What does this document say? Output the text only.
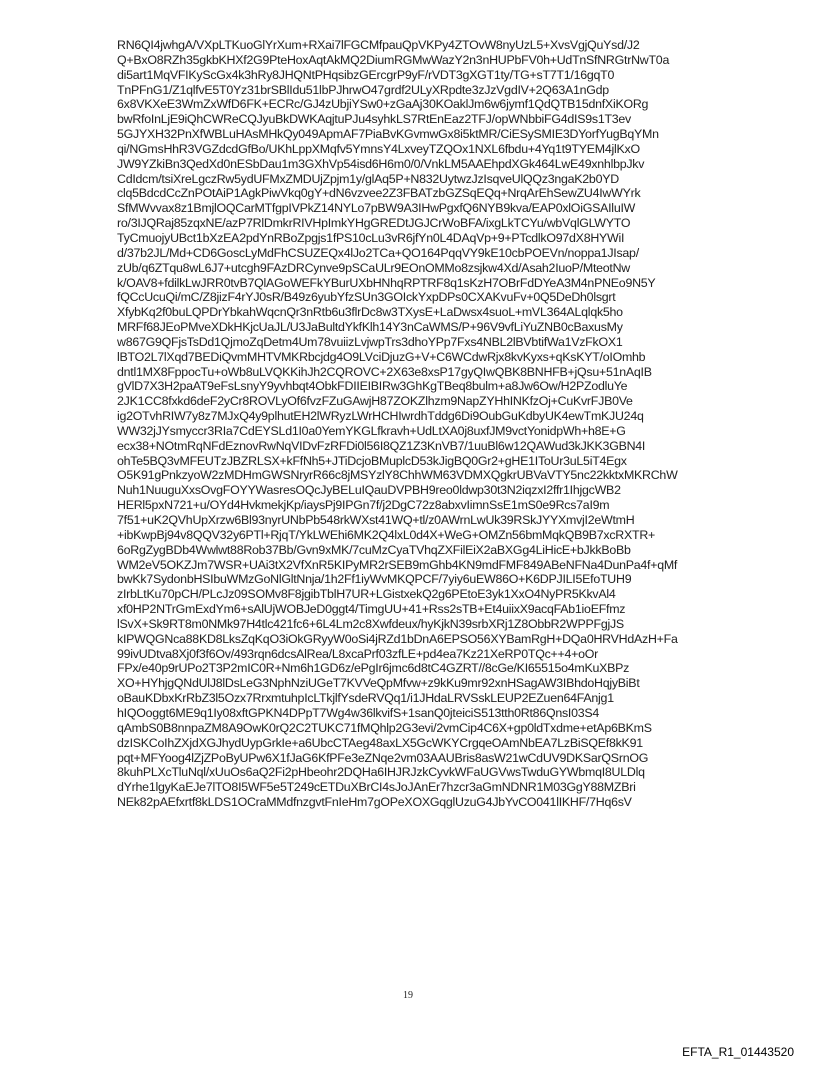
RN6QI4jwhgA/VXpLTKuoGlYrXum+RXai7lFGCMfpauQpVKPy4ZTOvW8nyUzL5+XvsVgjQuYsd/J2
Q+BxO8RZh35gkbKHXf2G9PteHoxAqtAkMQ2DiumRGMwWazY2n3nHUPbFV0h+UdTnSfNRGtrNwT0a
di5art1MqVFIKyScGx4k3hRy8JHQNtPHqsibzGErcgrP9yF/rVDT3gXGT1ty/TG+sT7T1/16gqT0
TnPFnG1/Z1qlfvE5T0Yz31brSBlIdu51lbPJhrwO47grdf2ULyXRpdte3zJzVgdIV+2Q63A1nGdp
6x8VKXeE3WmZxWfD6FK+ECRc/GJ4zUbjiYSw0+zGaAj30KOaklJm6w6jymf1QdQTB15dnfXiKORg
bwRfoInLjE9iQhCWReCQJyuBkDWKAqjtuPJu4syhkLS7RtEnEaz2TFJ/opWNbbiFG4dIS9s1T3ev
5GJYXH32PnXfWBLuHAsMHkQy049ApmAF7PiaBvKGvmwGx8i5ktMR/CiESySMIE3DYorfYugBqYMn
qi/NGmsHhR3VGZdcdGfBo/UKhLppXMqfv5YmnsY4LxveyTZQOx1NXL6fbdu+4Yq1t9TYEM4jlKxO
JW9YZkiBn3QedXd0nESbDau1m3GXhVp54isd6H6m0/0/VnkLM5AAEhpdXGk464LwE49xnhlbpJkv
CdIdcm/tsiXreLgczRw5ydUFMxZMDUjZpjm1y/glAq5P+N832UytwzJzIsqveUlQQz3ngaK2b0YD
clq5BdcdCcZnPOtAiP1AgkPiwVkq0gY+dN6vzvee2Z3FBATzbGZSqEQq+NrqArEhSewZU4IwWYrk
SfMWvvax8z1BmjlOQCarMTfgpIVPkZ14NYLo7pBW9A3IHwPgxfQ6NYB9kva/EAP0xlOiGSAIluIW
ro/3IJQRaj85zqxNE/azP7RlDmkrRIVHpImkYHgGREDtJGJCrWoBFA/ixgLkTCYu/wbVqlGLWYTO
TyCmuojyUBct1bXzEA2pdYnRBoZpgjs1fPS10cLu3vR6jfYn0L4DAqVp+9+PTcdlkO97dX8HYWiI
d/37b2JL/Md+CD6GoscLyMdFhCSUZEQx4lJo2TCa+QO164PqqVY9kE10cbPOEVn/noppa1JIsap/
zUb/q6ZTqu8wL6J7+utcgh9FAzDRCynve9pSCaULr9EOnOMMo8zsjkw4Xd/Asah2IuoP/MteotNw
k/OAV8+fdilkLwJRR0tvB7QlAGoWEFkYBurUXbHNhqRPTRF8q1sKzH7OBrFdDYeA3M4nPNEo9N5Y
fQCcUcuQi/mC/Z8jizF4rYJ0sR/B49z6yubYfzSUn3GOIckYxpDPs0CXAKvuFv+0Q5DeDh0lsgrt
XfybKq2f0buLQPDrYbkahWqcnQr3nRtb6u3flrDc8w3TXysE+LaDwsx4suoL+mVL364ALqlqk5ho
MRFf68JEoPMveXDkHKjcUaJL/U3JaBultdYkfKlh14Y3nCaWMS/P+96V9vfLiYuZNB0cBaxusMy
w867G9QFjsTsDd1QjmoZqDetm4Um78vuiizLvjwpTrs3dhoYPp7Fxs4NBL2lBVbtifWa1VzFkOX1
lBTO2L7lXqd7BEDiQvmMHTVMKRbcjdg4O9LVciDjuzG+V+C6WCdwRjx8kvKyxs+qKsKYT/oIOmhb
dntl1MX8FppocTu+oWb8uLVQKKihJh2CQROVC+2X63e8xsP17gyQIwQBK8BNHFB+jQsu+51nAqIB
gVlD7X3H2paAT9eFsLsnyY9yvhbqt4ObkFDIIEIBIRw3GhKgTBeq8bulm+a8Jw6Ow/H2PZodluYe
2JK1CC8fxkd6deF2yCr8ROVLyOf6fvzFZuGAwjH87ZOKZlhzm9NapZYHhINKfzOj+CuKvrFJB0Ve
ig2OTvhRIW7y8z7MJxQ4y9plhutEH2lWRyzLWrHCHIwrdhTddg6Di9OubGuKdbyUK4ewTmKJU24q
WW32jJYsmyccr3RIa7CdEYSLd1I0a0YemYKGLfkravh+UdLtXA0j8uxfJM9vctYonidpWh+h8E+G
ecx38+NOtmRqNFdEznovRwNqVIDvFzRFDi0l56I8QZ1Z3KnVB7/1uuBl6w12QAWud3kJKK3GBN4I
ohTe5BQ3vMFEUTzJBZRLSX+kFfNh5+JTiDcjoBMuplcD53kJigBQ0Gr2+gHE1IToUr3uL5iT4Egx
O5K91gPnkzyoW2zMDHmGWSNryrR66c8jMSYzlY8ChhWM63VDMXQgkrUBVaVTY5nc22kktxMKRChW
Nuh1NuuguXxsOvgFOYYWasresOQcJyBELuIQauDVPBH9reo0ldwp30t3N2iqzxI2ffr1IhjgcWB2
HERl5pxN721+u/OYd4HvkmekjKp/iaysPj9IPGn7f/j2DgC72z8abxvIimnSsE1mS0e9Rcs7aI9m
7f51+uK2QVhUpXrzw6Bl93nyrUNbPb548rkWXst41WQ+tl/z0AWrnLwUk39RSkJYYXmvjI2eWtmH
+ibKwpBj94v8QQV32y6PTl+RjqT/YkLWEhi6MK2Q4lxL0d4X+WeG+OMZn56bmMqkQB9B7xcRXTR+
6oRgZygBDb4Wwlwt88Rob37Bb/Gvn9xMK/7cuMzCyaTVhqZXFilEiX2aBXGg4LiHicE+bJkkBoBb
WM2eV5OKZJm7WSR+UAi3tX2VfXnR5KIPyMR2rSEB9mGhb4KN9mdFMF849ABeNFNa4DunPa4f+qMf
bwKk7SydonbHSIbuWMzGoNlGltNnja/1h2Ff1iyWvMKQPCF/7yiy6uEW86O+K6DPJILI5EfoTUH9
zIrbLtKu70pCH/PLcJz09SOMv8F8jgibTblH7UR+LGistxekQ2g6PEtoE3yk1XxO4NyPR5KkvAl4
xf0HP2NTrGmExdYm6+sAlUjWOBJeD0ggt4/TimgUU+41+Rss2sTB+Et4uiixX9acqFAb1ioEFfmz
lSvX+Sk9RT8m0NMk97H4tlc421fc6+6L4Lm2c8Xwfdeux/hyKjkN39srbXRj1Z8ObbR2WPPFgjJS
kIPWQGNca88KD8LksZqKqO3iOkGRyyW0oSi4jRZd1bDnA6EPSO56XYBamRgH+DQa0HRVHdAzH+Fa
99ivUDtva8Xj0f3f6Ov/493rqn6dcsAlRea/L8xcaPrf03zfLE+pd4ea7Kz21XeRP0TQc++4+oOr
FPx/e40p9rUPo2T3P2mIC0R+Nm6h1GD6z/ePgIr6jmc6d8tC4GZRT//8cGe/KI65515o4mKuXBPz
XO+HYhjgQNdUlJ8lDsLeG3NphNziUGeT7KVVeQpMfvw+z9kKu9mr92xnHSagAW3IBhdoHqjyBiBt
oBauKDbxKrRbZ3l5Ozx7RrxmtuhpIcLTkjlfYsdeRVQq1/i1JHdaLRVSskLEUP2EZuen64FAnjg1
hIQOoggt6ME9q1Iy08xftGPKN4DPpT7Wg4w36lkvifS+1sanQ0jteiciS513tth0Rt86QnsI03S4
qAmbS0B8nnpaZM8A9OwK0rQ2C2TUKC71fMQhlp2G3evi/2vmCip4C6X+gp0ldTxdme+etAp6BKmS
dzISKCoIhZXjdXGJhydUypGrkIe+a6UbcCTAeg48axLX5GcWKYCrgqeOAmNbEA7LzBiSQEf8kK91
pqt+MFYoog4lZjZPoByUPw6X1fJaG6KfPFe3eZNqe2vm03AAUBris8asW21wCdUV9DKSarQSrnOG
8kuhPLXcTluNql/xUuOs6aQ2Fi2pHbeohr2DQHa6IHJRJzkCyvkWFaUGVwsTwduGYWbmqI8ULDlq
dYrhe1lgyKaEJe7lTO8I5WF5e5T249cETDuXBrCI4sJoJAnEr7hzcr3aGmNDNR1M03GgY88MZBri
NEk82pAEfxrtf8kLDS1OCraMMdfnzgvtFnIeHm7gOPeXOXGqglUzuG4JbYvCO041lIKHF/7Hq6sV
19
EFTA_R1_01443520
